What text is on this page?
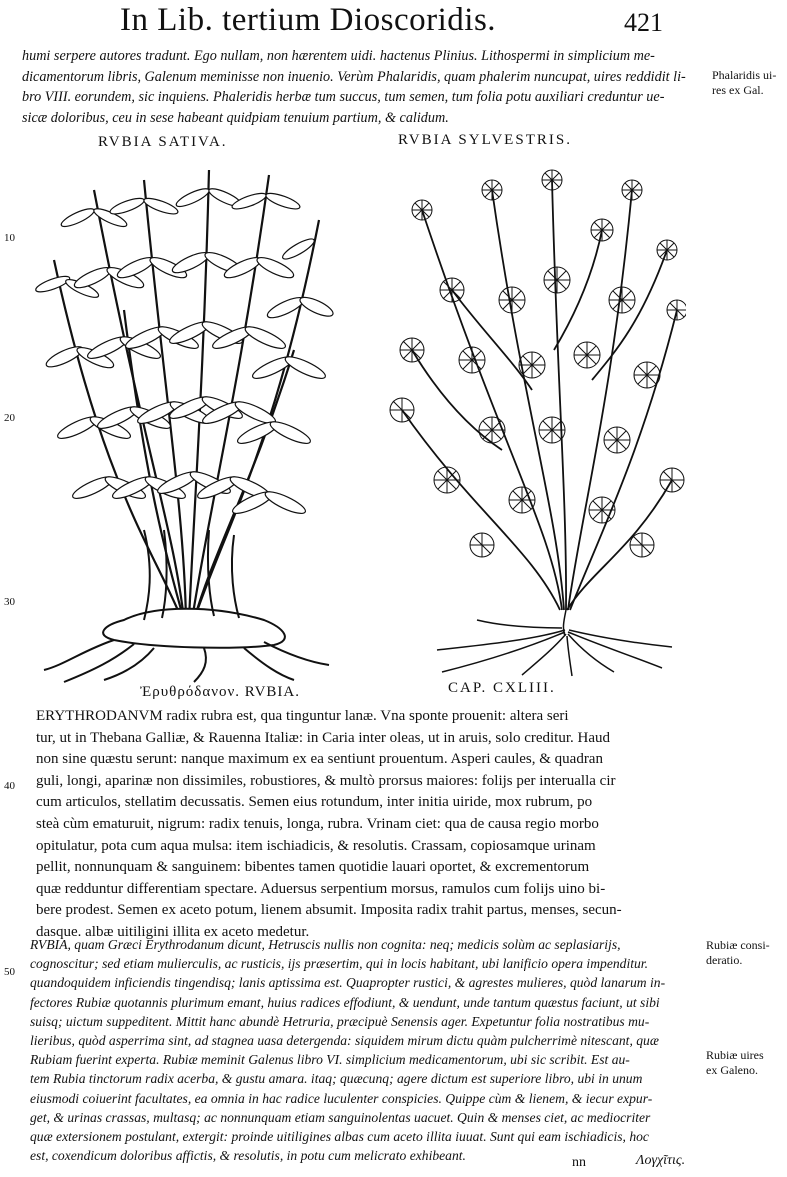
In Lib. tertium Dioscoridis.	421
humi serpere autores tradunt. Ego nullam, non hærentem uidi. hactenus Plinius. Lithospermi in simplicium me-
dicamentorum libris, Galenum meminisse non inuenio. Verùm Phalaridis, quam phalerim nuncupat, uires reddidit li-
bro VIII. eorundem, sic inquiens. Phaleridis herbæ tum succus, tum semen, tum folia potu auxiliari creduntur ue-
sicæ doloribus, ceu in sese habeant quidpiam tenuium partium, & calidum.
Phalaridis ui-
res ex Gal.
RVBIA SATIVA.	RVBIA SYLVESTRIS.
10
20
30
40
50
Ἐρυθρόδανον. RVBIA.	CAP. CXLIII.
ERYTHRODANVM radix rubra est, qua tinguntur lanæ. Vna sponte prouenit: altera seri
tur, ut in Thebana Galliæ, & Rauenna Italiæ: in Caria inter oleas, ut in aruis, solo creditur. Haud
non sine quæstu serunt: nanque maximum ex ea sentiunt prouentum. Asperi caules, & quadran
guli, longi, aparinæ non dissimiles, robustiores, & multò prorsus maiores: folijs per interualla cir
cum articulos, stellatim decussatis. Semen eius rotundum, inter initia uiride, mox rubrum, po
steà cùm ematuruit, nigrum: radix tenuis, longa, rubra. Vrinam ciet: qua de causa regio morbo
opitulatur, pota cum aqua mulsa: item ischiadicis, & resolutis. Crassam, copiosamque urinam
pellit, nonnunquam & sanguinem: bibentes tamen quotidie lauari oportet, & excrementorum
quæ redduntur differentiam spectare. Aduersus serpentium morsus, ramulos cum folijs uino bi-
bere prodest. Semen ex aceto potum, lienem absumit. Imposita radix trahit partus, menses, secun-
dasque. albæ uitiligini illita ex aceto medetur.
RVBIA, quam Græci Erythrodanum dicunt, Hetruscis nullis non cognita: neq; medicis solùm ac seplasiarijs,
cognoscitur; sed etiam mulierculis, ac rusticis, ijs præsertim, qui in locis habitant, ubi lanificio opera impenditur.
quandoquidem inficiendis tingendisq; lanis aptissima est. Quapropter rustici, & agrestes mulieres, quòd lanarum in-
fectores Rubiæ quotannis plurimum emant, huius radices effodiunt, & uendunt, unde tantum quæstus faciunt, ut sibi
suisq; uictum suppeditent. Mittit hanc abundè Hetruria, præcipuè Senensis ager. Expetuntur folia nostratibus mu-
lieribus, quòd asperrima sint, ad stagnea uasa detergenda: siquidem mirum dictu quàm pulcherrimè nitescant, quæ
Rubiam fuerint experta. Rubiæ meminit Galenus libro VI. simplicium medicamentorum, ubi sic scribit. Est au-
tem Rubia tinctorum radix acerba, & gustu amara. itaq; quæcunq; agere dictum est superiore libro, ubi in unum
eiusmodi coiuerint facultates, ea omnia in hac radice luculenter conspicies. Quippe cùm & lienem, & iecur expur-
get, & urinas crassas, multasq; ac nonnunquam etiam sanguinolentas uacuet. Quin & menses ciet, ac mediocriter
quæ extersionem postulant, extergit: proinde uitiligines albas cum aceto illita iuuat. Sunt qui eam ischiadicis, hoc
est, coxendicum doloribus affictis, & resolutis, in potu cum melicrato exhibeant.
Rubiæ consi-
deratio.
Rubiæ uires
ex Galeno.
nn	Λογχῖτις.
